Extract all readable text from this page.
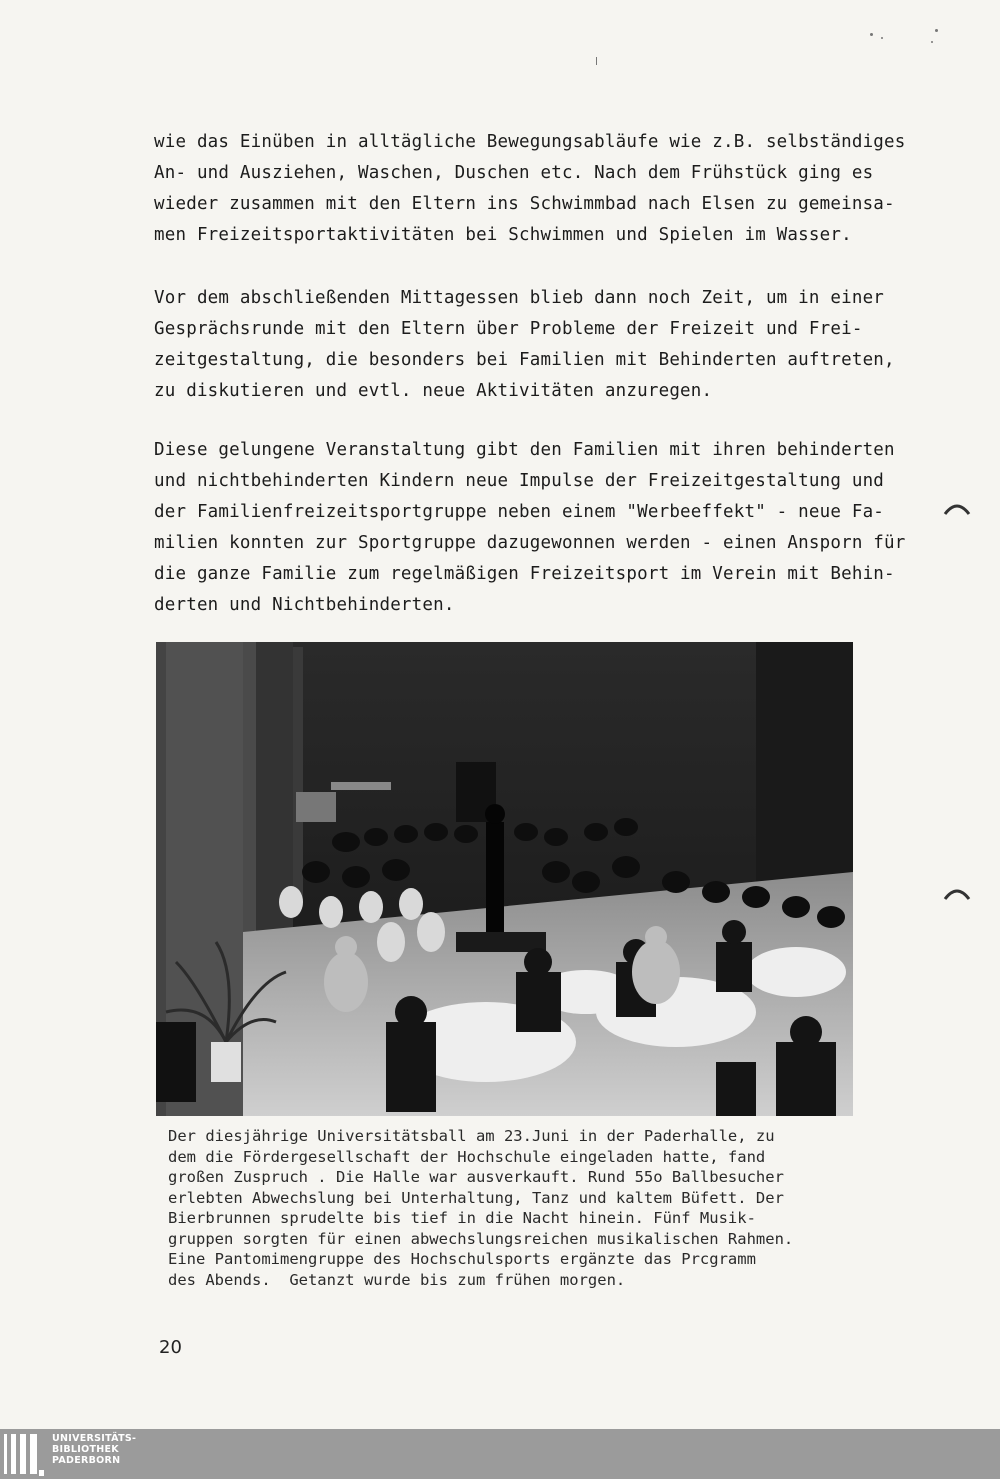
wie das Einüben in alltägliche Bewegungsabläufe wie z.B. selbständiges
An- und Ausziehen, Waschen, Duschen etc. Nach dem Frühstück ging es
wieder zusammen mit den Eltern ins Schwimmbad nach Elsen zu gemeinsa-
men Freizeitsportaktivitäten bei Schwimmen und Spielen im Wasser.
Vor dem abschließenden Mittagessen blieb dann noch Zeit, um in einer
Gesprächsrunde mit den Eltern über Probleme der Freizeit und Frei-
zeitgestaltung, die besonders bei Familien mit Behinderten auftreten,
zu diskutieren und evtl. neue Aktivitäten anzuregen.
Diese gelungene Veranstaltung gibt den Familien mit ihren behinderten
und nichtbehinderten Kindern neue Impulse der Freizeitgestaltung und
der Familienfreizeitsportgruppe neben einem "Werbeeffekt" - neue Fa-
milien konnten zur Sportgruppe dazugewonnen werden - einen Ansporn für
die ganze Familie zum regelmäßigen Freizeitsport im Verein mit Behin-
derten und Nichtbehinderten.
Der diesjährige Universitätsball am 23.Juni in der Paderhalle, zu
dem die Fördergesellschaft der Hochschule eingeladen hatte, fand
großen Zuspruch . Die Halle war ausverkauft. Rund 55o Ballbesucher
erlebten Abwechslung bei Unterhaltung, Tanz und kaltem Büfett. Der
Bierbrunnen sprudelte bis tief in die Nacht hinein. Fünf Musik-
gruppen sorgten für einen abwechslungsreichen musikalischen Rahmen.
Eine Pantomimengruppe des Hochschulsports ergänzte das Prcgramm
des Abends.  Getanzt wurde bis zum frühen morgen.
20
UNIVERSITÄTS-
BIBLIOTHEK
PADERBORN
